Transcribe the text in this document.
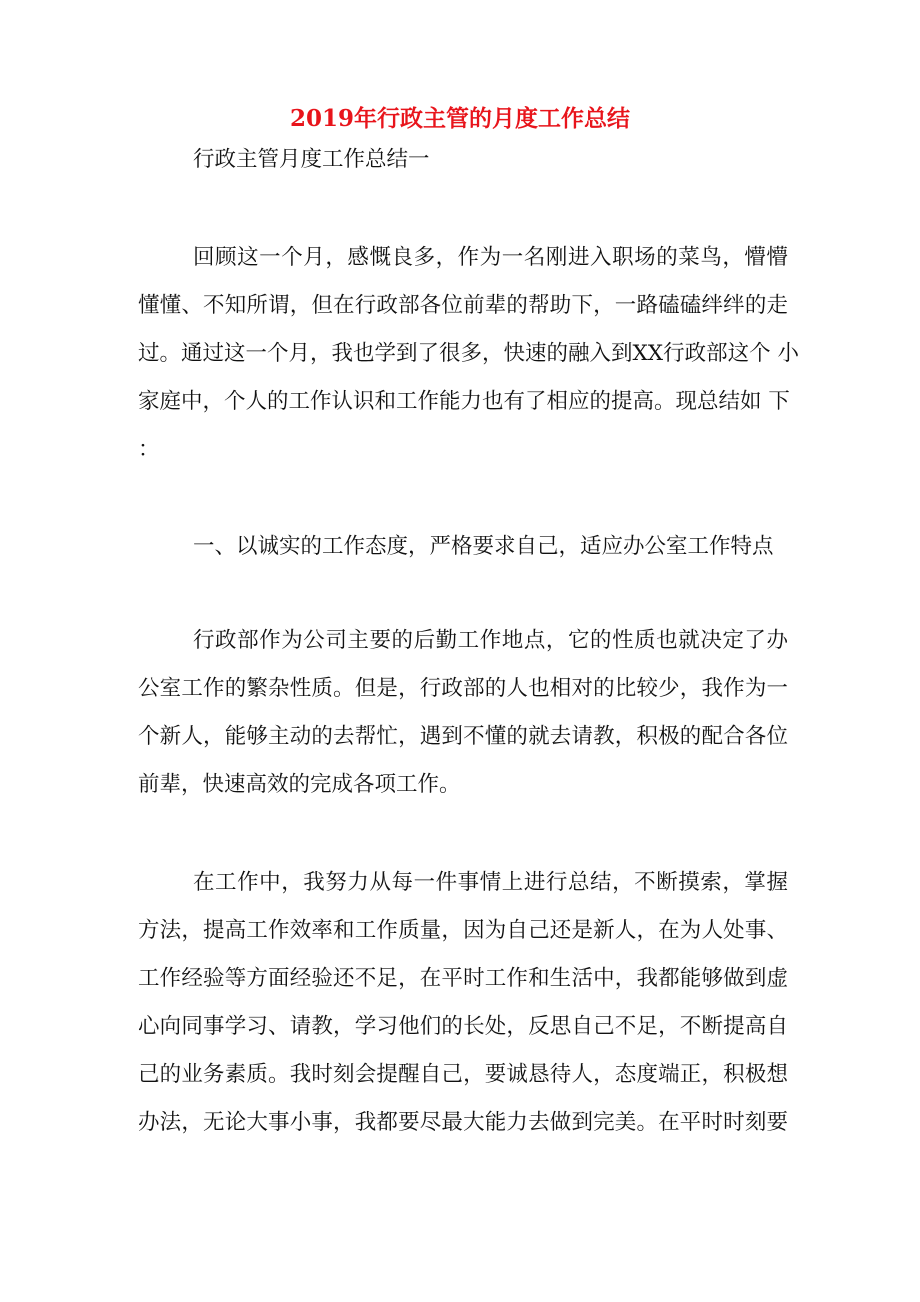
2019年行政主管的月度工作总结
行政主管月度工作总结一
回顾这一个月，感慨良多，作为一名刚进入职场的菜鸟，懵懵
懂懂、不知所谓，但在行政部各位前辈的帮助下，一路磕磕绊绊的走
过。通过这一个月，我也学到了很多，快速的融入到XX行政部这个 小
家庭中，个人的工作认识和工作能力也有了相应的提高。现总结如 下
：
一、以诚实的工作态度，严格要求自己，适应办公室工作特点
行政部作为公司主要的后勤工作地点，它的性质也就决定了办
公室工作的繁杂性质。但是，行政部的人也相对的比较少，我作为一
个新人，能够主动的去帮忙，遇到不懂的就去请教，积极的配合各位
前辈，快速高效的完成各项工作。
在工作中，我努力从每一件事情上进行总结，不断摸索，掌握
方法，提高工作效率和工作质量，因为自己还是新人，在为人处事、
工作经验等方面经验还不足，在平时工作和生活中，我都能够做到虚
心向同事学习、请教，学习他们的长处，反思自己不足，不断提高自
己的业务素质。我时刻会提醒自己，要诚恳待人，态度端正，积极想
办法，无论大事小事，我都要尽最大能力去做到完美。在平时时刻要
